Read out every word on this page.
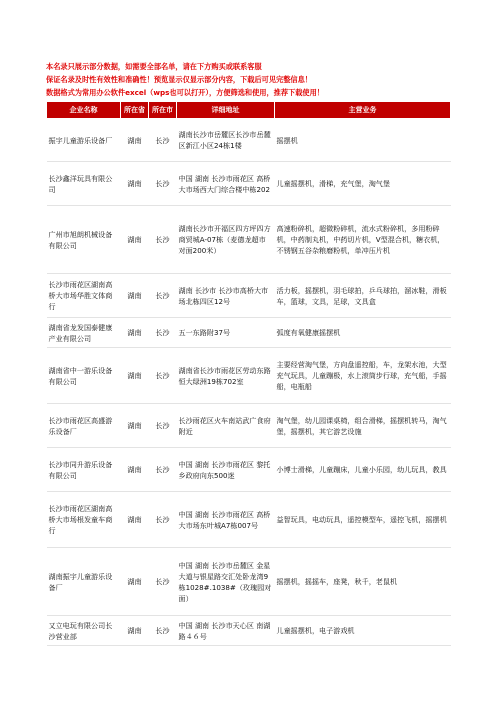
本名录只展示部分数据，如需要全部名单，请在下方购买或联系客服
保证名录及时性有效性和准确性！预览显示仅显示部分内容，下载后可见完整信息！
数据格式为常用办公软件excel（wps也可以打开），方便筛选和使用，推荐下载使用！
企业名称	所在省	所在市	详细地址	主营业务
振宇儿童游乐设备厂	湖南	长沙	湖南长沙市岳麓区长沙市岳麓区新江小区24栋1楼	摇摆机
长沙鑫洋玩具有限公司	湖南	长沙	中国 湖南 长沙市雨花区 高桥大市场西大门综合楼中栋202	儿童摇摆机，滑梯，充气堡，淘气堡
广州市旭朗机械设备有限公司	湖南	长沙	湖南长沙市开福区四方坪四方商贸城A-07栋（麦德龙超市对面200米）	高速粉碎机，超微粉碎机，流水式粉碎机，多用粉碎机，中药制丸机，中药切片机，V型混合机，糖衣机，不锈钢五谷杂粮磨粉机，单冲压片机
长沙市雨花区湖南高桥大市场华胜文体商行	湖南	长沙	湖南 长沙市 长沙市高桥大市场北栋四区12号	活力板，摇摆机，羽毛球拍，乒乓球拍，溜冰鞋，滑板车，篮球，文具，足球，文具盒
湖南省龙发国泰健康产业有限公司	湖南	长沙	五一东路附37号	弧度有氧健康摇摆机
湖南省中一游乐设备有限公司	湖南	长沙	湖南省长沙市雨花区劳动东路恒大绿洲19栋702室	主要经营淘气堡，方向盘遥控船，车，龙架水池，大型充气玩具，儿童蹦极，水上滚筒步行球，充气船，手摇船，电瓶船
长沙市雨花区高盛游乐设备厂	湖南	长沙	长沙雨花区火车南站武广食府附近	淘气堡，幼儿园课桌椅，组合滑梯，摇摆机转马，淘气堡，摇摆机，其它游艺设施
长沙市同升游乐设备有限公司	湖南	长沙	中国 湖南 长沙市雨花区 黎托乡政府向东500迷	小博士滑梯，儿童蹦床，儿童小乐园，幼儿玩具，教具
长沙市雨花区湖南高桥大市场根发童车商行	湖南	长沙	中国 湖南 长沙市雨花区 高桥大市场东叶城A7栋007号	益智玩具，电动玩具，遥控模型车，遥控飞机，摇摆机
湖南振宇儿童游乐设备厂	湖南	长沙	中国 湖南 长沙市岳麓区 金星大道与银星路交汇处卧龙湾9栋1028#.1038#（玫瑰园对面）	摇摆机，摇摇车，座凳，秋千，老鼠机
又立电玩有限公司长沙营业部	湖南	长沙	中国 湖南 长沙市天心区 南湖路４６号	儿童摇摆机，电子游戏机
